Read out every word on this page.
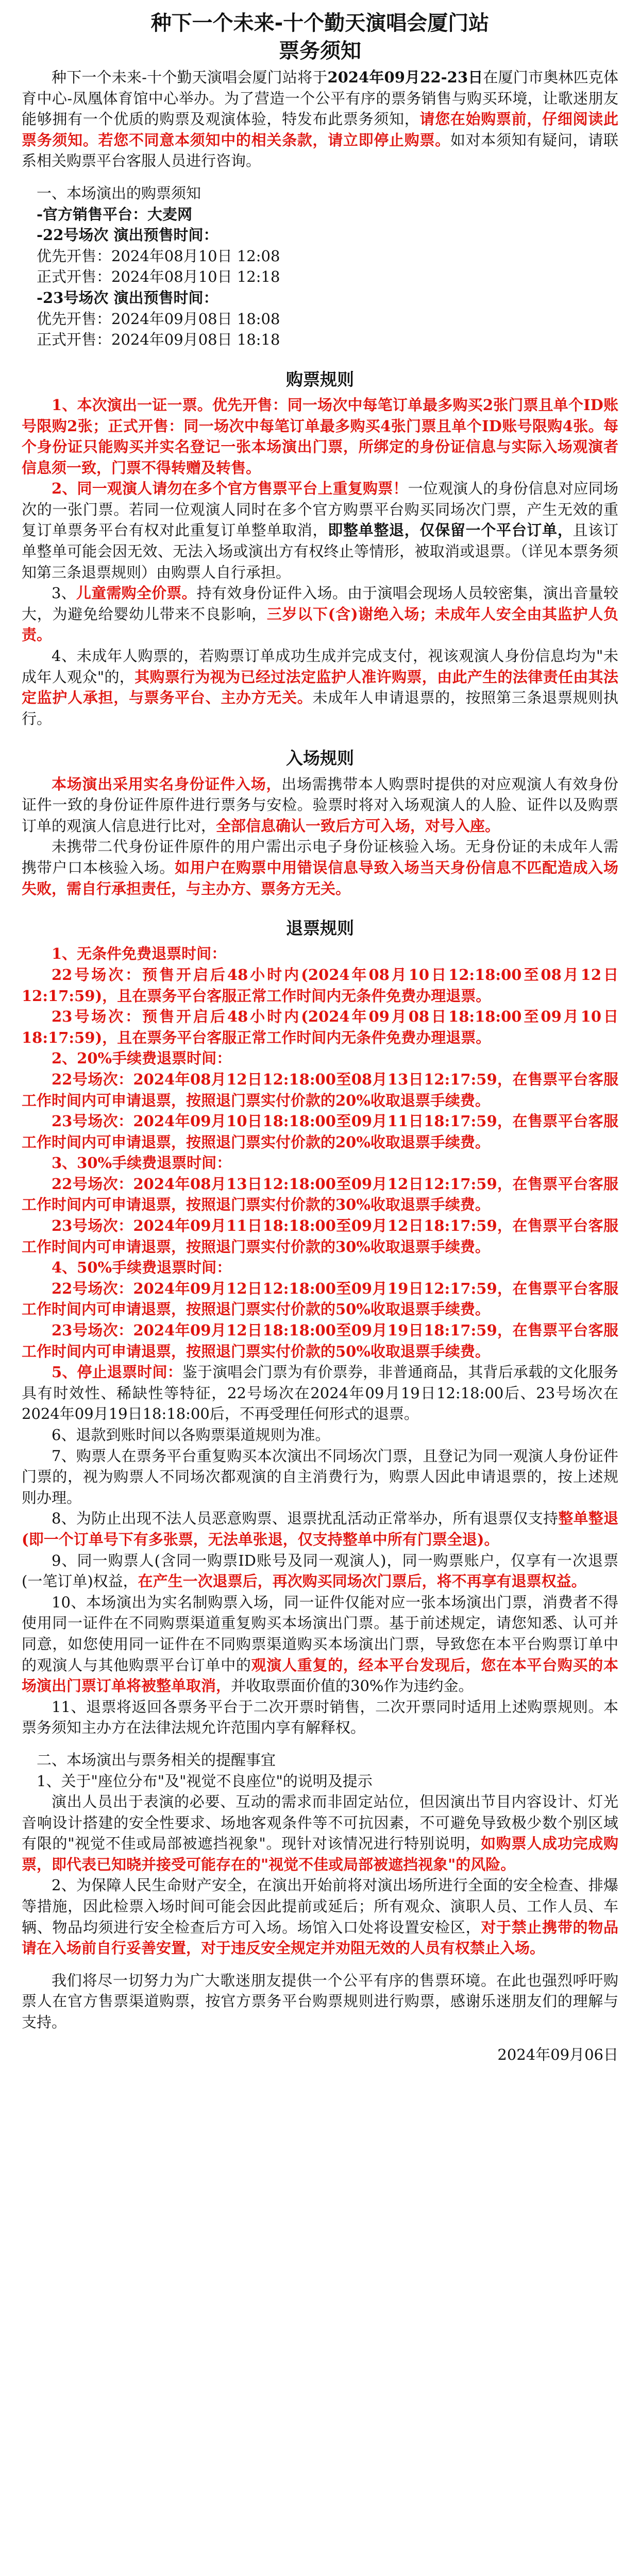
种下一个未来-十个勤天演唱会厦门站
票务须知

种下一个未来-十个勤天演唱会厦门站将于2024年09月22-23日在厦门市奥林匹克体育中心-凤凰体育馆中心举办。为了营造一个公平有序的票务销售与购买环境，让歌迷朋友能够拥有一个优质的购票及观演体验，特发布此票务须知，请您在始购票前，仔细阅读此票务须知。若您不同意本须知中的相关条款，请立即停止购票。如对本须知有疑问，请联系相关购票平台客服人员进行咨询。

一、本场演出的购票须知

-官方销售平台：大麦网

-22号场次 演出预售时间：

优先开售：2024年08月10日 12:08

正式开售：2024年08月10日 12:18

-23号场次 演出预售时间：

优先开售：2024年09月08日 18:08

正式开售：2024年09月08日 18:18

购票规则

1、本次演出一证一票。优先开售：同一场次中每笔订单最多购买2张门票且单个ID账号限购2张；正式开售：同一场次中每笔订单最多购买4张门票且单个ID账号限购4张。每个身份证只能购买并实名登记一张本场演出门票，所绑定的身份证信息与实际入场观演者信息须一致，门票不得转赠及转售。

2、同一观演人请勿在多个官方售票平台上重复购票！一位观演人的身份信息对应同场次的一张门票。若同一位观演人同时在多个官方购票平台购买同场次门票，产生无效的重复订单票务平台有权对此重复订单整单取消，即整单整退，仅保留一个平台订单，且该订单整单可能会因无效、无法入场或演出方有权终止等情形，被取消或退票。（详见本票务须知第三条退票规则）由购票人自行承担。

3、儿童需购全价票。持有效身份证件入场。由于演唱会现场人员较密集，演出音量较大，为避免给婴幼儿带来不良影响，三岁以下(含)谢绝入场；未成年人安全由其监护人负责。

4、未成年人购票的，若购票订单成功生成并完成支付，视该观演人身份信息均为"未成年人观众"的，其购票行为视为已经过法定监护人准许购票，由此产生的法律责任由其法定监护人承担，与票务平台、主办方无关。未成年人申请退票的，按照第三条退票规则执行。

入场规则

本场演出采用实名身份证件入场，出场需携带本人购票时提供的对应观演人有效身份证件一致的身份证件原件进行票务与安检。验票时将对入场观演人的人脸、证件以及购票订单的观演人信息进行比对，全部信息确认一致后方可入场，对号入座。

未携带二代身份证件原件的用户需出示电子身份证核验入场。无身份证的未成年人需携带户口本核验入场。如用户在购票中用错误信息导致入场当天身份信息不匹配造成入场失败，需自行承担责任，与主办方、票务方无关。

退票规则

1、无条件免费退票时间：

22号场次：预售开启后48小时内(2024年08月10日12:18:00至08月12日12:17:59)，且在票务平台客服正常工作时间内无条件免费办理退票。

23号场次：预售开启后48小时内(2024年09月08日18:18:00至09月10日18:17:59)，且在票务平台客服正常工作时间内无条件免费办理退票。

2、20%手续费退票时间：

22号场次：2024年08月12日12:18:00至08月13日12:17:59，在售票平台客服工作时间内可申请退票，按照退门票实付价款的20%收取退票手续费。

23号场次：2024年09月10日18:18:00至09月11日18:17:59，在售票平台客服工作时间内可申请退票，按照退门票实付价款的20%收取退票手续费。

3、30%手续费退票时间：

22号场次：2024年08月13日12:18:00至09月12日12:17:59，在售票平台客服工作时间内可申请退票，按照退门票实付价款的30%收取退票手续费。

23号场次：2024年09月11日18:18:00至09月12日18:17:59，在售票平台客服工作时间内可申请退票，按照退门票实付价款的30%收取退票手续费。

4、50%手续费退票时间：

22号场次：2024年09月12日12:18:00至09月19日12:17:59，在售票平台客服工作时间内可申请退票，按照退门票实付价款的50%收取退票手续费。

23号场次：2024年09月12日18:18:00至09月19日18:17:59，在售票平台客服工作时间内可申请退票，按照退门票实付价款的50%收取退票手续费。

5、停止退票时间：鉴于演唱会门票为有价票券，非普通商品，其背后承载的文化服务具有时效性、稀缺性等特征，22号场次在2024年09月19日12:18:00后、23号场次在2024年09月19日18:18:00后，不再受理任何形式的退票。

6、退款到账时间以各购票渠道规则为准。

7、购票人在票务平台重复购买本次演出不同场次门票，且登记为同一观演人身份证件门票的，视为购票人不同场次都观演的自主消费行为，购票人因此申请退票的，按上述规则办理。

8、为防止出现不法人员恶意购票、退票扰乱活动正常举办，所有退票仅支持整单整退(即一个订单号下有多张票，无法单张退，仅支持整单中所有门票全退)。

9、同一购票人(含同一购票ID账号及同一观演人)，同一购票账户，仅享有一次退票(一笔订单)权益，在产生一次退票后，再次购买同场次门票后，将不再享有退票权益。

10、本场演出为实名制购票入场，同一证件仅能对应一张本场演出门票，消费者不得使用同一证件在不同购票渠道重复购买本场演出门票。基于前述规定，请您知悉、认可并同意，如您使用同一证件在不同购票渠道购买本场演出门票，导致您在本平台购票订单中的观演人与其他购票平台订单中的观演人重复的，经本平台发现后，您在本平台购买的本场演出门票订单将被整单取消，并收取票面价值的30%作为违约金。

11、退票将返回各票务平台于二次开票时销售，二次开票同时适用上述购票规则。本票务须知主办方在法律法规允许范围内享有解释权。

二、本场演出与票务相关的提醒事宜

1、关于"座位分布"及"视觉不良座位"的说明及提示

演出人员出于表演的必要、互动的需求而非固定站位，但因演出节目内容设计、灯光音响设计搭建的安全性要求、场地客观条件等不可抗因素，不可避免导致极少数个别区域有限的"视觉不佳或局部被遮挡视象"。现针对该情况进行特别说明，如购票人成功完成购票，即代表已知晓并接受可能存在的"视觉不佳或局部被遮挡视象"的风险。

2、为保障人民生命财产安全，在演出开始前将对演出场所进行全面的安全检查、排爆等措施，因此检票入场时间可能会因此提前或延后；所有观众、演职人员、工作人员、车辆、物品均须进行安全检查后方可入场。场馆入口处将设置安检区，对于禁止携带的物品请在入场前自行妥善安置，对于违反安全规定并劝阻无效的人员有权禁止入场。

我们将尽一切努力为广大歌迷朋友提供一个公平有序的售票环境。在此也强烈呼吁购票人在官方售票渠道购票，按官方票务平台购票规则进行购票，感谢乐迷朋友们的理解与支持。

2024年09月06日
